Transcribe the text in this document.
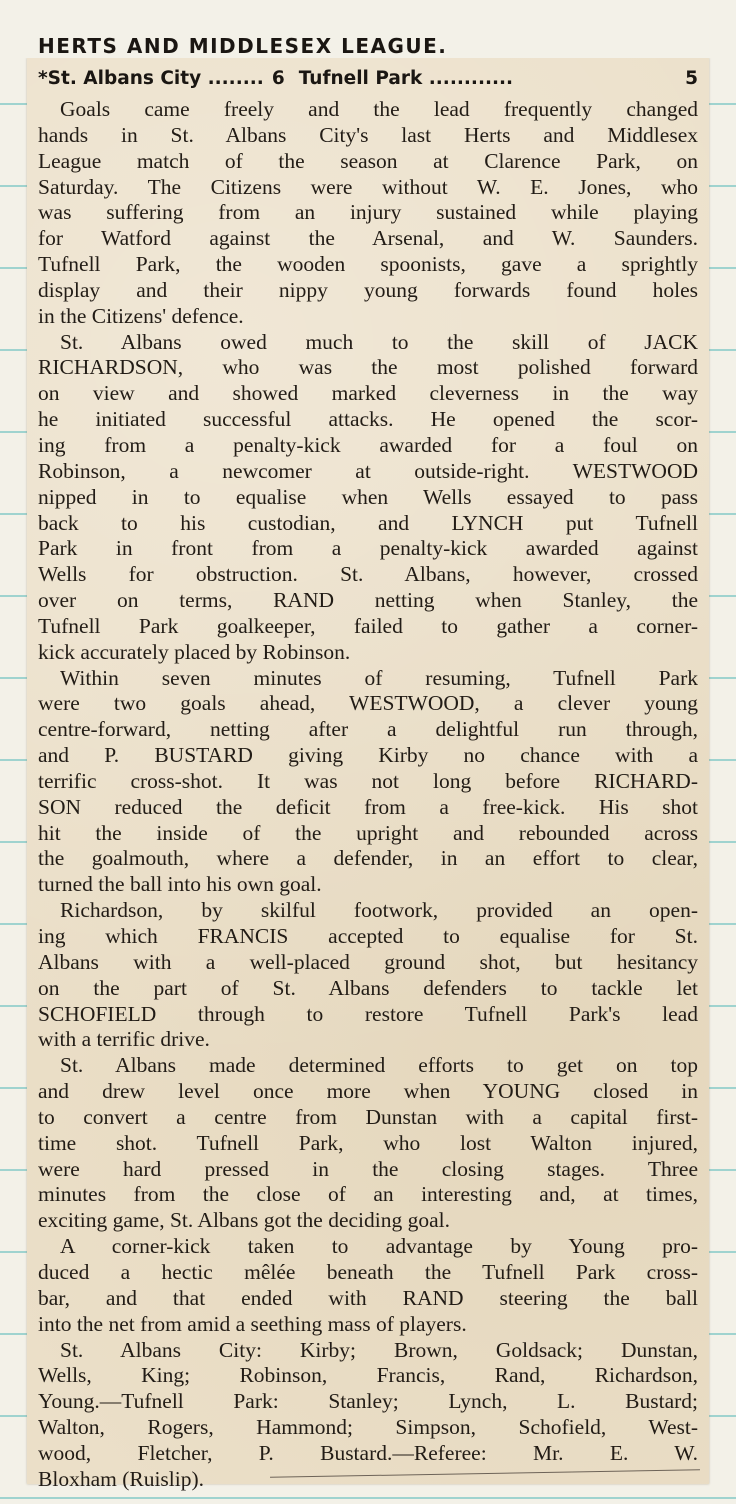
HERTS AND MIDDLESEX LEAGUE.
*St. Albans City ........ 6 Tufnell Park ............	5
Goals came freely and the lead frequently changed
hands in St. Albans City's last Herts and Middlesex
League match of the season at Clarence Park, on
Saturday. The Citizens were without W. E. Jones, who
was suffering from an injury sustained while playing
for Watford against the Arsenal, and W. Saunders.
Tufnell Park, the wooden spoonists, gave a sprightly
display and their nippy young forwards found holes
in the Citizens' defence.
St. Albans owed much to the skill of JACK
RICHARDSON, who was the most polished forward
on view and showed marked cleverness in the way
he initiated successful attacks. He opened the scor-
ing from a penalty-kick awarded for a foul on
Robinson, a newcomer at outside-right. WESTWOOD
nipped in to equalise when Wells essayed to pass
back to his custodian, and LYNCH put Tufnell
Park in front from a penalty-kick awarded against
Wells for obstruction. St. Albans, however, crossed
over on terms, RAND netting when Stanley, the
Tufnell Park goalkeeper, failed to gather a corner-
kick accurately placed by Robinson.
Within seven minutes of resuming, Tufnell Park
were two goals ahead, WESTWOOD, a clever young
centre-forward, netting after a delightful run through,
and P. BUSTARD giving Kirby no chance with a
terrific cross-shot. It was not long before RICHARD-
SON reduced the deficit from a free-kick. His shot
hit the inside of the upright and rebounded across
the goalmouth, where a defender, in an effort to clear,
turned the ball into his own goal.
Richardson, by skilful footwork, provided an open-
ing which FRANCIS accepted to equalise for St.
Albans with a well-placed ground shot, but hesitancy
on the part of St. Albans defenders to tackle let
SCHOFIELD through to restore Tufnell Park's lead
with a terrific drive.
St. Albans made determined efforts to get on top
and drew level once more when YOUNG closed in
to convert a centre from Dunstan with a capital first-
time shot. Tufnell Park, who lost Walton injured,
were hard pressed in the closing stages. Three
minutes from the close of an interesting and, at times,
exciting game, St. Albans got the deciding goal.
A corner-kick taken to advantage by Young pro-
duced a hectic mêlée beneath the Tufnell Park cross-
bar, and that ended with RAND steering the ball
into the net from amid a seething mass of players.
St. Albans City: Kirby; Brown, Goldsack; Dunstan,
Wells, King; Robinson, Francis, Rand, Richardson,
Young.—Tufnell Park: Stanley; Lynch, L. Bustard;
Walton, Rogers, Hammond; Simpson, Schofield, West-
wood, Fletcher, P. Bustard.—Referee: Mr. E. W.
Bloxham (Ruislip).
